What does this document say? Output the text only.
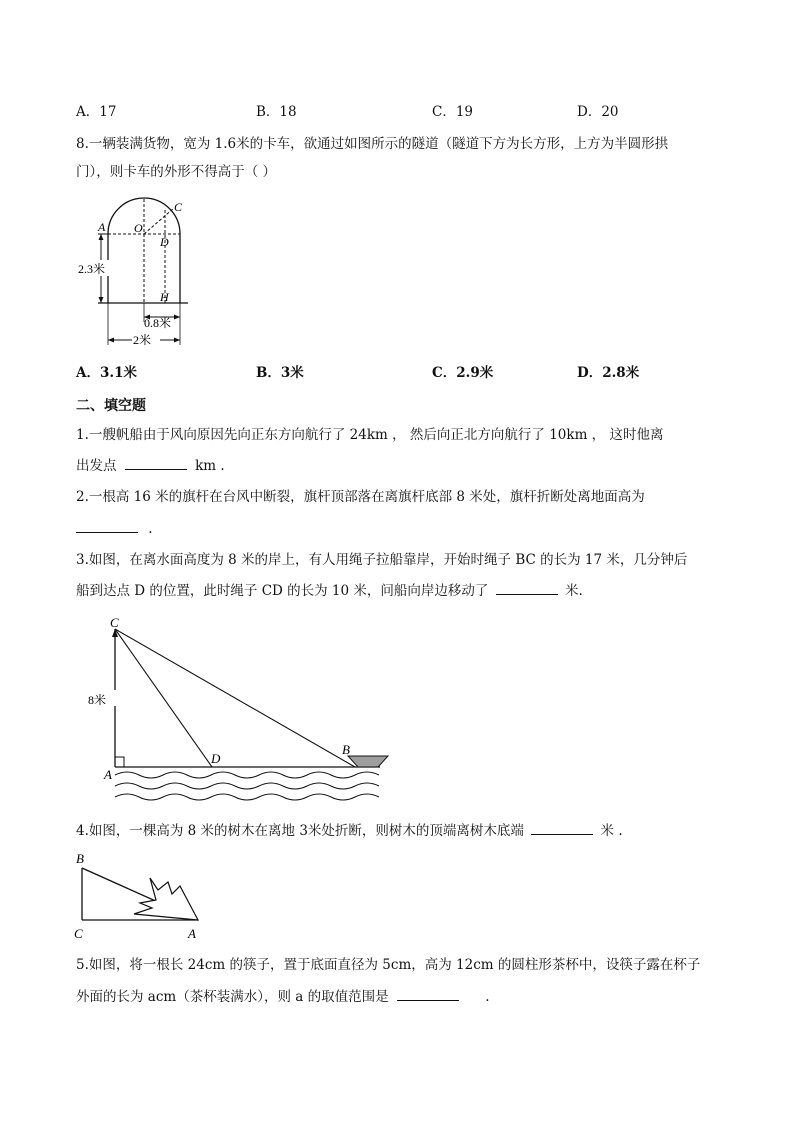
A．17	B．18	C．19	D．20
8.一辆装满货物，宽为 1.6米的卡车，欲通过如图所示的隧道（隧道下方为长方形，上方为半圆形拱
门），则卡车的外形不得高于（ ）
2.3米
0.8米
2米
A O
D
C
H
A．3.1米	B．3米	C．2.9米	D．2.8米
二、填空题
1.一艘帆船由于风向原因先向正东方向航行了 24km ， 然后向正北方向航行了 10km ， 这时他离
出发点	km .
2.一根高 16 米的旗杆在台风中断裂，旗杆顶部落在离旗杆底部 8 米处，旗杆折断处离地面高为
.
3.如图，在离水面高度为 8 米的岸上，有人用绳子拉船靠岸，开始时绳子 BC 的长为 17 米，几分钟后
船到达点 D 的位置，此时绳子 CD 的长为 10 米，问船向岸边移动了	米.
8米
C
A
D
B
4.如图，一棵高为 8 米的树木在离地 3米处折断，则树木的顶端离树木底端	米 .
B
C	A
5.如图，将一根长 24cm 的筷子，置于底面直径为 5cm，高为 12cm 的圆柱形茶杯中，设筷子露在杯子
外面的长为 acm（茶杯装满水），则 a 的取值范围是	.
